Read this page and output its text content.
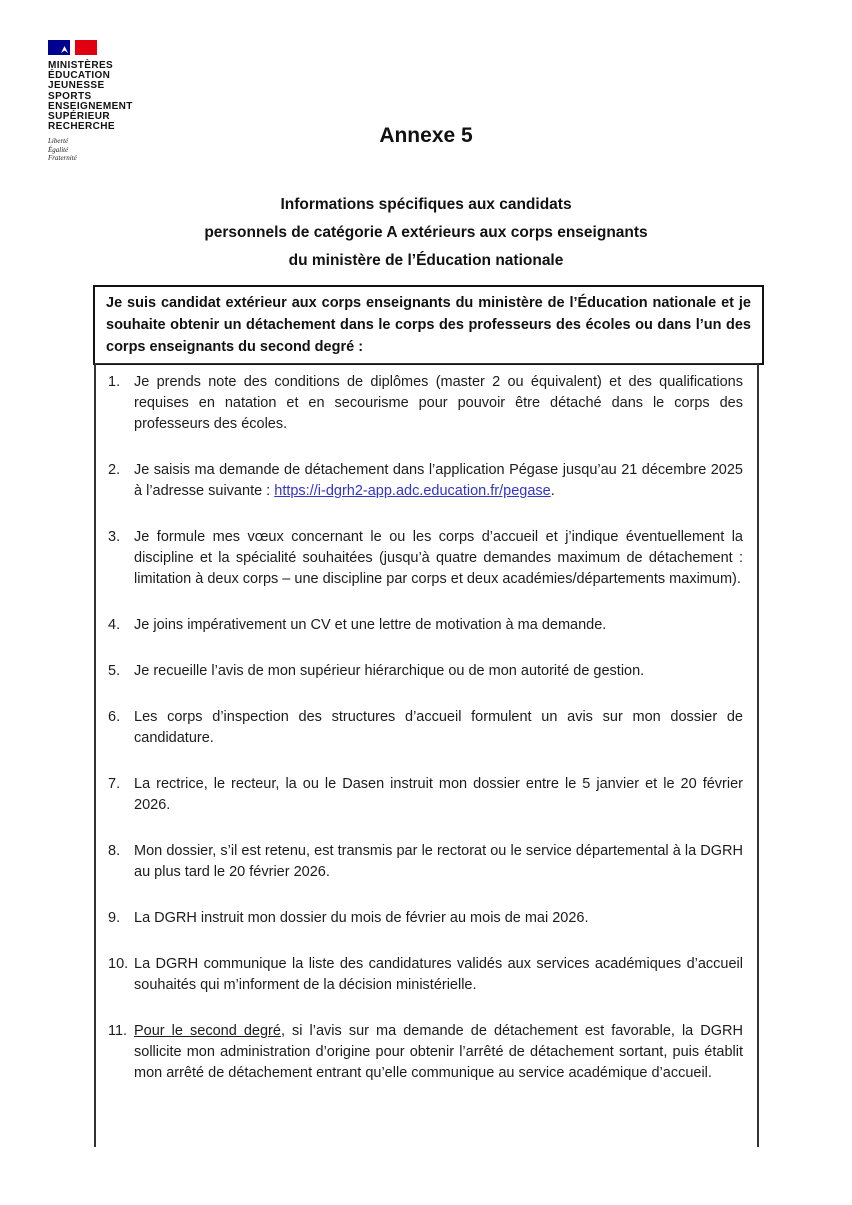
MINISTÈRES
ÉDUCATION
JEUNESSE
SPORTS
ENSEIGNEMENT
SUPÉRIEUR
RECHERCHE
Liberté
Égalité
Fraternité
Annexe 5
Informations spécifiques aux candidats
personnels de catégorie A extérieurs aux corps enseignants
du ministère de l’Éducation nationale
Je suis candidat extérieur aux corps enseignants du ministère de l’Éducation nationale et je souhaite obtenir un détachement dans le corps des professeurs des écoles ou dans l’un des corps enseignants du second degré :
1. Je prends note des conditions de diplômes (master 2 ou équivalent) et des qualifications requises en natation et en secourisme pour pouvoir être détaché dans le corps des professeurs des écoles.
2. Je saisis ma demande de détachement dans l’application Pégase jusqu’au 21 décembre 2025 à l’adresse suivante : https://i-dgrh2-app.adc.education.fr/pegase.
3. Je formule mes vœux concernant le ou les corps d’accueil et j’indique éventuellement la discipline et la spécialité souhaitées (jusqu’à quatre demandes maximum de détachement : limitation à deux corps – une discipline par corps et deux académies/départements maximum).
4. Je joins impérativement un CV et une lettre de motivation à ma demande.
5. Je recueille l’avis de mon supérieur hiérarchique ou de mon autorité de gestion.
6. Les corps d’inspection des structures d’accueil formulent un avis sur mon dossier de candidature.
7. La rectrice, le recteur, la ou le Dasen instruit mon dossier entre le 5 janvier et le 20 février 2026.
8. Mon dossier, s’il est retenu, est transmis par le rectorat ou le service départemental à la DGRH au plus tard le 20 février 2026.
9. La DGRH instruit mon dossier du mois de février au mois de mai 2026.
10. La DGRH communique la liste des candidatures validés aux services académiques d’accueil souhaités qui m’informent de la décision ministérielle.
11. Pour le second degré, si l’avis sur ma demande de détachement est favorable, la DGRH sollicite mon administration d’origine pour obtenir l’arrêté de détachement sortant, puis établit mon arrêté de détachement entrant qu’elle communique au service académique d’accueil.
